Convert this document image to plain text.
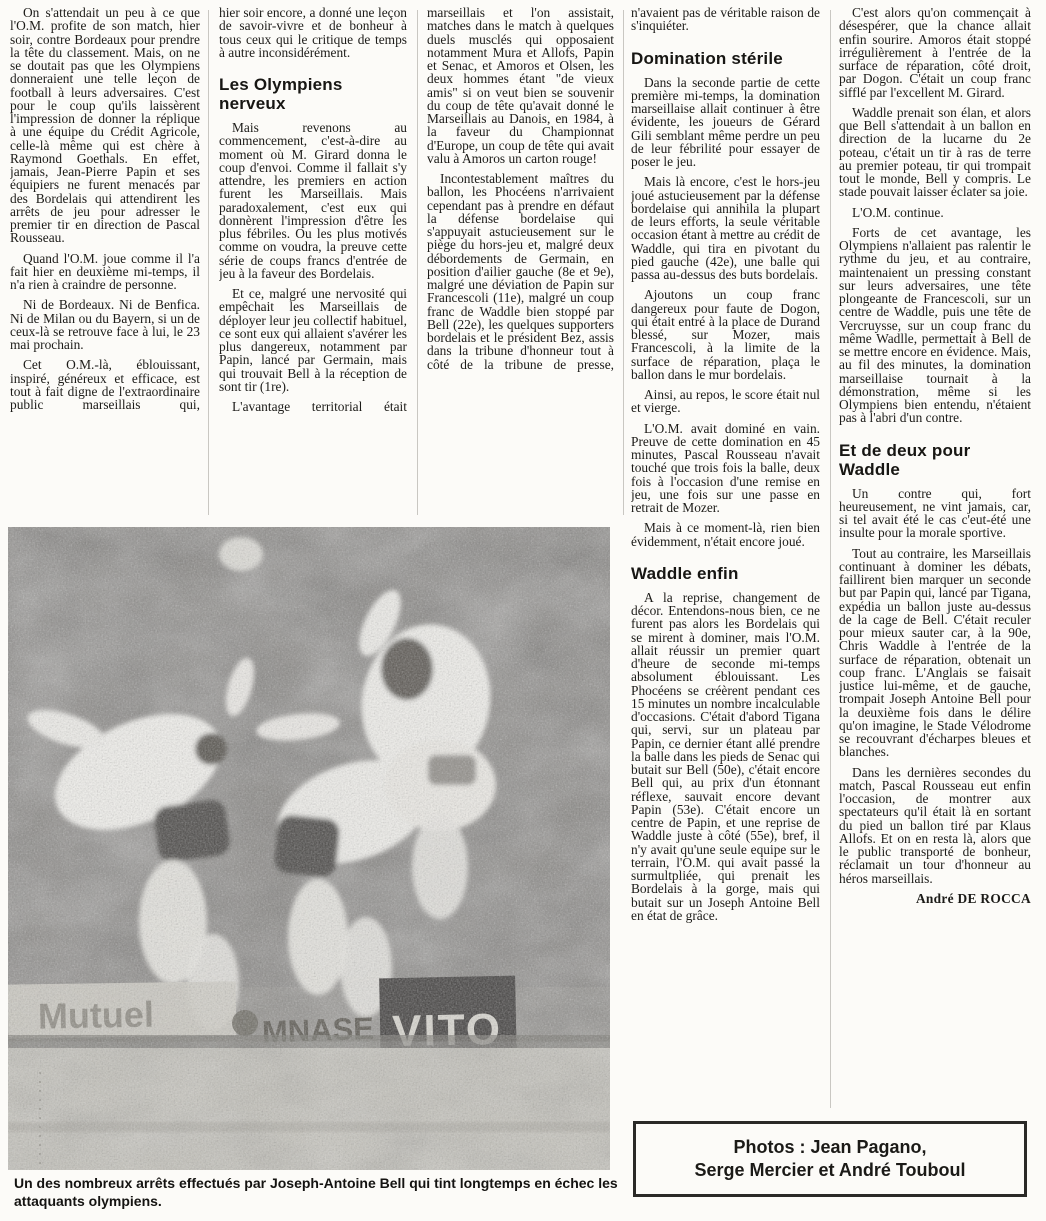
On s'attendait un peu à ce que l'O.M. profite de son match, hier soir, contre Bordeaux pour prendre la tête du classement. Mais, on ne se doutait pas que les Olympiens donneraient une telle leçon de football à leurs adversaires. C'est pour le coup qu'ils laissèrent l'impression de donner la réplique à une équipe du Crédit Agricole, celle-là même qui est chère à Raymond Goethals. En effet, jamais, Jean-Pierre Papin et ses équipiers ne furent menacés par des Bordelais qui attendirent les arrêts de jeu pour adresser le premier tir en direction de Pascal Rousseau.

Quand l'O.M. joue comme il l'a fait hier en deuxième mi-temps, il n'a rien à craindre de personne.

Ni de Bordeaux. Ni de Benfica. Ni de Milan ou du Bayern, si un de ceux-là se retrouve face à lui, le 23 mai prochain.

Cet O.M.-là, éblouissant, inspiré, généreux et efficace, est tout à fait digne de l'extraordinaire public marseillais qui,

hier soir encore, a donné une leçon de savoir-vivre et de bonheur à tous ceux qui le critique de temps à autre inconsidérément.

Les Olympiens nerveux

Mais revenons au commencement, c'est-à-dire au moment où M. Girard donna le coup d'envoi. Comme il fallait s'y attendre, les premiers en action furent les Marseillais. Mais paradoxalement, c'est eux qui donnèrent l'impression d'être les plus fébriles. Ou les plus motivés comme on voudra, la preuve cette série de coups francs d'entrée de jeu à la faveur des Bordelais.

Et ce, malgré une nervosité qui empêchait les Marseillais de déployer leur jeu collectif habituel, ce sont eux qui allaient s'avérer les plus dangereux, notamment par Papin, lancé par Germain, mais qui trouvait Bell à la réception de sont tir (1re).

L'avantage territorial était

marseillais et l'on assistait, matches dans le match à quelques duels musclés qui opposaient notamment Mura et Allofs, Papin et Senac, et Amoros et Olsen, les deux hommes étant "de vieux amis" si on veut bien se souvenir du coup de tête qu'avait donné le Marseillais au Danois, en 1984, à la faveur du Championnat d'Europe, un coup de tête qui avait valu à Amoros un carton rouge!

Incontestablement maîtres du ballon, les Phocéens n'arrivaient cependant pas à prendre en défaut la défense bordelaise qui s'appuyait astucieusement sur le piège du hors-jeu et, malgré deux débordements de Germain, en position d'ailier gauche (8e et 9e), malgré une déviation de Papin sur Francescoli (11e), malgré un coup franc de Waddle bien stoppé par Bell (22e), les quelques supporters bordelais et le président Bez, assis dans la tribune d'honneur tout à côté de la tribune de presse,

n'avaient pas de véritable raison de s'inquiéter.

Domination stérile

Dans la seconde partie de cette première mi-temps, la domination marseillaise allait continuer à être évidente, les joueurs de Gérard Gili semblant même perdre un peu de leur fébrilité pour essayer de poser le jeu.

Mais là encore, c'est le hors-jeu joué astucieusement par la défense bordelaise qui annihila la plupart de leurs efforts, la seule véritable occasion étant à mettre au crédit de Waddle, qui tira en pivotant du pied gauche (42e), une balle qui passa au-dessus des buts bordelais.

Ajoutons un coup franc dangereux pour faute de Dogon, qui était entré à la place de Durand blessé, sur Mozer, mais Francescoli, à la limite de la surface de réparation, plaça le ballon dans le mur bordelais.

Ainsi, au repos, le score était nul et vierge.

L'O.M. avait dominé en vain. Preuve de cette domination en 45 minutes, Pascal Rousseau n'avait touché que trois fois la balle, deux fois à l'occasion d'une remise en jeu, une fois sur une passe en retrait de Mozer.

Mais à ce moment-là, rien bien évidemment, n'était encore joué.

Waddle enfin

A la reprise, changement de décor. Entendons-nous bien, ce ne furent pas alors les Bordelais qui se mirent à dominer, mais l'O.M. allait réussir un premier quart d'heure de seconde mi-temps absolument éblouissant. Les Phocéens se créèrent pendant ces 15 minutes un nombre incalculable d'occasions. C'était d'abord Tigana qui, servi, sur un plateau par Papin, ce dernier étant allé prendre la balle dans les pieds de Senac qui butait sur Bell (50e), c'était encore Bell qui, au prix d'un étonnant réflexe, sauvait encore devant Papin (53e). C'était encore un centre de Papin, et une reprise de Waddle juste à côté (55e), bref, il n'y avait qu'une seule equipe sur le terrain, l'O.M. qui avait passé la surmultpliée, qui prenait les Bordelais à la gorge, mais qui butait sur un Joseph Antoine Bell en état de grâce.

C'est alors qu'on commençait à désespérer, que la chance allait enfin sourire. Amoros était stoppé irrégulièrement à l'entrée de la surface de réparation, côté droit, par Dogon. C'était un coup franc sifflé par l'excellent M. Girard.

Waddle prenait son élan, et alors que Bell s'attendait à un ballon en direction de la lucarne du 2e poteau, c'était un tir à ras de terre au premier poteau, tir qui trompait tout le monde, Bell y compris. Le stade pouvait laisser éclater sa joie.

L'O.M. continue.

Forts de cet avantage, les Olympiens n'allaient pas ralentir le rythme du jeu, et au contraire, maintenaient un pressing constant sur leurs adversaires, une tête plongeante de Francescoli, sur un centre de Waddle, puis une tête de Vercruysse, sur un coup franc du même Wadlle, permettait à Bell de se mettre encore en évidence. Mais, au fil des minutes, la domination marseillaise tournait à la démonstration, même si les Olympiens bien entendu, n'étaient pas à l'abri d'un contre.

Et de deux pour Waddle

Un contre qui, fort heureusement, ne vint jamais, car, si tel avait été le cas c'eut-été une insulte pour la morale sportive.

Tout au contraire, les Marseillais continuant à dominer les débats, faillirent bien marquer un seconde but par Papin qui, lancé par Tigana, expédia un ballon juste au-dessus de la cage de Bell. C'était reculer pour mieux sauter car, à la 90e, Chris Waddle à l'entrée de la surface de réparation, obtenait un coup franc. L'Anglais se faisait justice lui-même, et de gauche, trompait Joseph Antoine Bell pour la deuxième fois dans le délire qu'on imagine, le Stade Vélodrome se recouvrant d'écharpes bleues et blanches.

Dans les dernières secondes du match, Pascal Rousseau eut enfin l'occasion, de montrer aux spectateurs qu'il était là en sortant du pied un ballon tiré par Klaus Allofs. Et on en resta là, alors que le public transporté de bonheur, réclamait un tour d'honneur au héros marseillais.

André DE ROCCA

Un des nombreux arrêts effectués par Joseph-Antoine Bell qui tint longtemps en échec les attaquants olympiens.

Photos : Jean Pagano,
Serge Mercier et André Touboul
